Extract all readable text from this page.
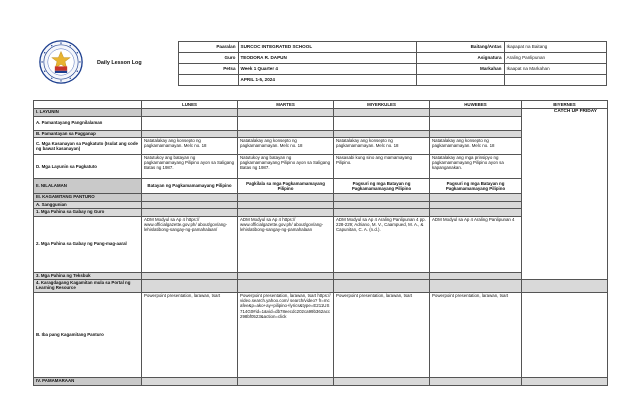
	Daily Lesson Log	Paaralan	SURCOC INTEGRATED SCHOOL	Baitang/Antas	Ikapapat na Baitang
		Guro	TEODORA R. DAPUN	Asignatura	Araling Panlipunan
		Petsa	Week 1 Quarter 4	Markahan	Ikaapat na Markahan
			APRIL 1-5, 2024		
	LUNES	MARTES	MIYERKULES	HUWEBES	BIYERNES
I. LAYUNIN					CATCH UP FRIDAY
A. Pamantayang Pangnilalaman					
B. Pamantayan sa Pagganap					
C. Mga Kasanayan sa Pagkatuto (Isulat ang code ng bawat kasanayan)	Natatalakay ang konsepto ng pagkamamamayan. Melc no. 18	Natatalakay ang konsepto ng pagkamamamayan. Melc no. 18	Natatalakay ang konsepto ng pagkamamamayan. Melc no. 18	Natatalakay ang konsepto ng pagkamamamayan. Melc no. 18	
D. Mga Layunin sa Pagkatuto	Natutukoy ang batayan ng pagkamamamayang Pilipino ayon sa Saligang Batas ng 1987.	Natutukoy ang batayan ng pagkamamamayang Pilipino ayon sa Saligang Batas ng 1987.	Nasasabi kung sino ang mamamayang Pilipino.	Natatalakay ang mga prinsipyo ng pagkamamamayang Pilipino ayon sa kapanganakan.	
II. NILALAMAN	Batayan ng Pagkamamamayang Pilipino	Pagkilala sa mga Pagkamamamayang Pilipino	Pagsuri ng mga Batayan ng Pagkamamamayang Pilipino	Pagsuri ng mga Batayan ng Pagkamamamayang Pilipino	
III. KAGAMITANG PANTURO					
A. Sanggunian					
1. Mga Pahina sa Gabay ng Guro					
2. Mga Pahina sa Gabay ng Pang-mag-aaral	ADM Modyul sa Ap 4 https:// www.officialgazette.gov.ph/ about/gov/ang-lehislatibong-sangay-ng-pamahalaan/	ADM Modyul sa Ap 4 https:// www.officialgazette.gov.ph/ about/gov/ang-lehislatibong-sangay-ng-pamahalaan	ADM Modyul sa Ap 4 Araling Panlipunan 4 pp. 228-229; Adriano, M. V., Caampued, M. A., & Capunitan, C. A. (n.d.).	ADM Modyul sa Ap 4 Araling Panlipunan 4	
3. Mga Pahina ng Teksbuk					
4. Karagdagang Kagamitan mula sa Portal ng Learning Resource					
B. Iba pang Kagamitang Panturo	Powerpoint presentation, larawan, tsart	Powerpoint presentation, larawan, tsart https://video.search.yahoo.com/ search/video? fr=mcafee&p=ako+ay+pilipino+lyrics&type=E211US714G0#id=1&vid=db78eecdc202ca99b362acc298bf0523&action=click	Powerpoint presentation, larawan, tsart	Powerpoint presentation, larawan, tsart	
IV. PAMAMARAAN					
